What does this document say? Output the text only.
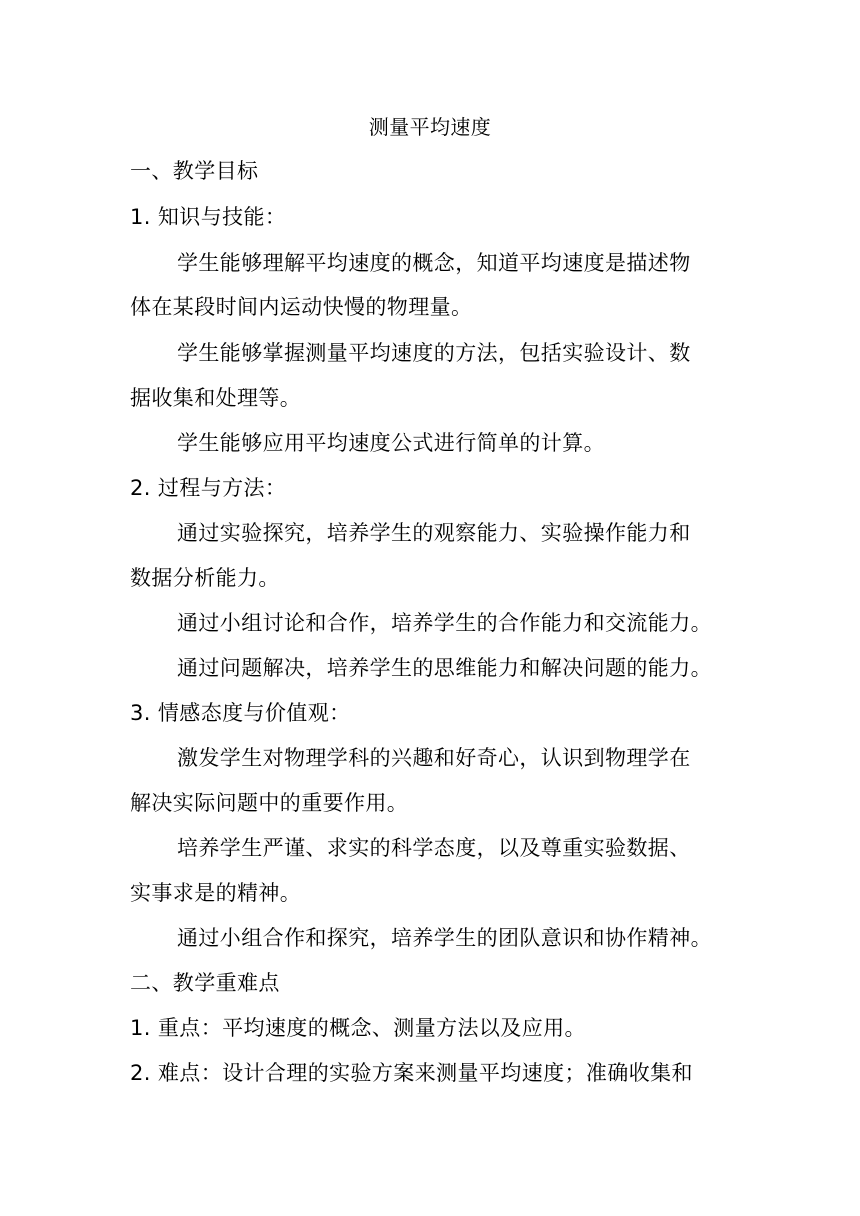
测量平均速度
一、教学目标
1. 知识与技能：
学生能够理解平均速度的概念，知道平均速度是描述物
体在某段时间内运动快慢的物理量。
学生能够掌握测量平均速度的方法，包括实验设计、数
据收集和处理等。
学生能够应用平均速度公式进行简单的计算。
2. 过程与方法：
通过实验探究，培养学生的观察能力、实验操作能力和
数据分析能力。
通过小组讨论和合作，培养学生的合作能力和交流能力。
通过问题解决，培养学生的思维能力和解决问题的能力。
3. 情感态度与价值观：
激发学生对物理学科的兴趣和好奇心，认识到物理学在
解决实际问题中的重要作用。
培养学生严谨、求实的科学态度，以及尊重实验数据、
实事求是的精神。
通过小组合作和探究，培养学生的团队意识和协作精神。
二、教学重难点
1. 重点：平均速度的概念、测量方法以及应用。
2. 难点：设计合理的实验方案来测量平均速度；准确收集和
